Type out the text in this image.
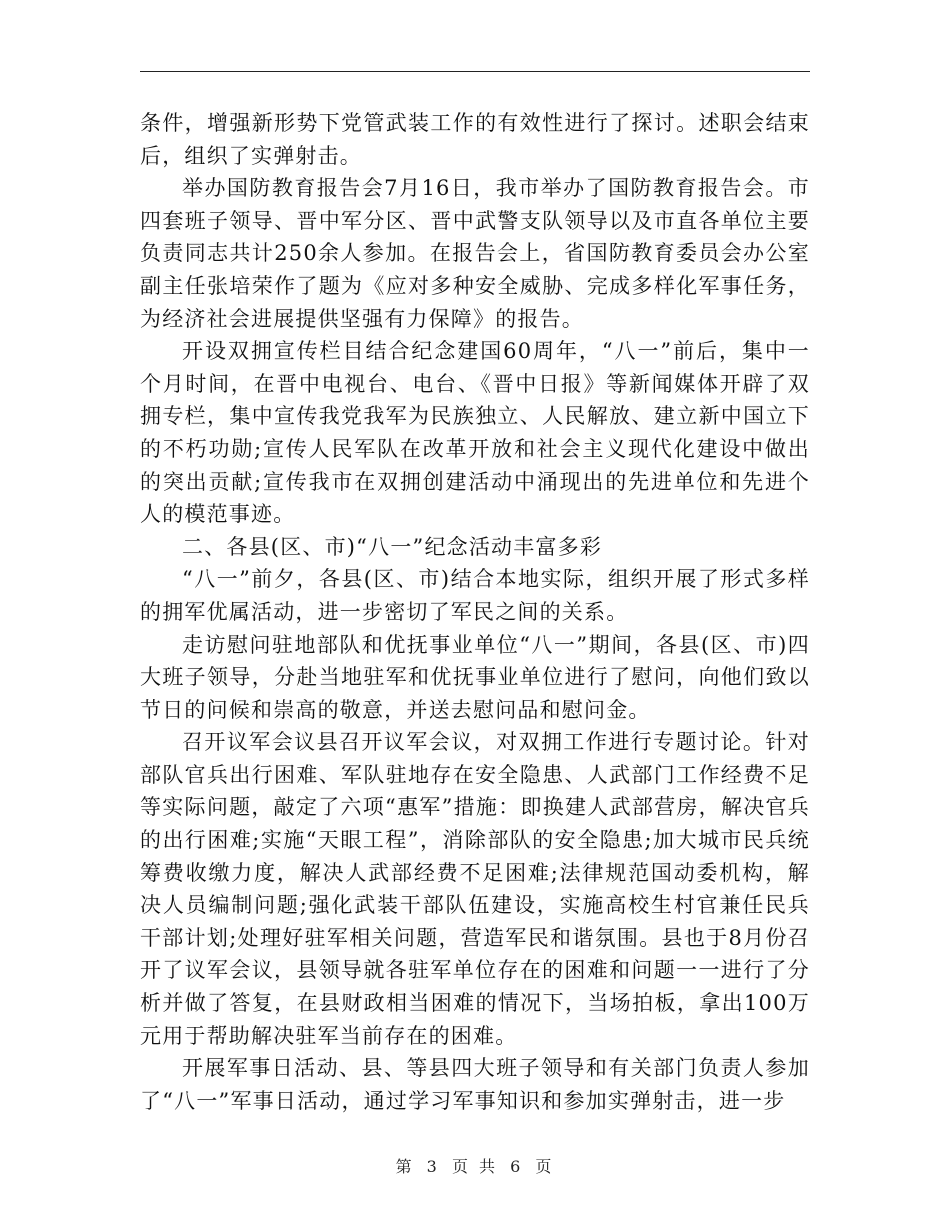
条件，增强新形势下党管武装工作的有效性进行了探讨。述职会结束后，组织了实弹射击。

举办国防教育报告会7月16日，我市举办了国防教育报告会。市四套班子领导、晋中军分区、晋中武警支队领导以及市直各单位主要负责同志共计250余人参加。在报告会上，省国防教育委员会办公室副主任张培荣作了题为《应对多种安全威胁、完成多样化军事任务，为经济社会进展提供坚强有力保障》的报告。

开设双拥宣传栏目结合纪念建国60周年，“八一”前后，集中一个月时间，在晋中电视台、电台、《晋中日报》等新闻媒体开辟了双拥专栏，集中宣传我党我军为民族独立、人民解放、建立新中国立下的不朽功勋;宣传人民军队在改革开放和社会主义现代化建设中做出的突出贡献;宣传我市在双拥创建活动中涌现出的先进单位和先进个人的模范事迹。

二、各县(区、市)“八一”纪念活动丰富多彩

“八一”前夕，各县(区、市)结合本地实际，组织开展了形式多样的拥军优属活动，进一步密切了军民之间的关系。

走访慰问驻地部队和优抚事业单位“八一”期间，各县(区、市)四大班子领导，分赴当地驻军和优抚事业单位进行了慰问，向他们致以节日的问候和崇高的敬意，并送去慰问品和慰问金。

召开议军会议县召开议军会议，对双拥工作进行专题讨论。针对部队官兵出行困难、军队驻地存在安全隐患、人武部门工作经费不足等实际问题，敲定了六项“惠军”措施：即换建人武部营房，解决官兵的出行困难;实施“天眼工程”，消除部队的安全隐患;加大城市民兵统筹费收缴力度，解决人武部经费不足困难;法律规范国动委机构，解决人员编制问题;强化武装干部队伍建设，实施高校生村官兼任民兵干部计划;处理好驻军相关问题，营造军民和谐氛围。县也于8月份召开了议军会议，县领导就各驻军单位存在的困难和问题一一进行了分析并做了答复，在县财政相当困难的情况下，当场拍板，拿出100万元用于帮助解决驻军当前存在的困难。

开展军事日活动、县、等县四大班子领导和有关部门负责人参加了“八一”军事日活动，通过学习军事知识和参加实弹射击，进一步

第 3 页 共 6 页
